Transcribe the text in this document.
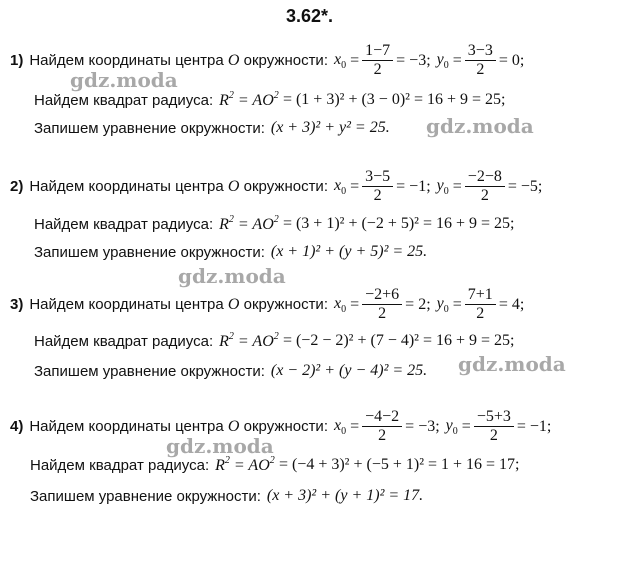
3.62*.
1) Найдем координаты центра
O
окружности: $x_0 = \frac{1-7}{2} = -3$; $y_0 = \frac{3-3}{2} = 0$;
Найдем квадрат радиуса: $R^2 = AO^2$
= (1 + 3)² + (3 − 0)² = 16 + 9 = 25;
Запишем уравнение окружности: (x + 3)² + y² = 25.
2) Найдем координаты центра
O
окружности: $x_0 = \frac{3-5}{2} = -1$; $y_0 = \frac{-2-8}{2} = -5$;
Найдем квадрат радиуса: $R^2 = AO^2$
= (3 + 1)² + (−2 + 5)² = 16 + 9 = 25;
Запишем уравнение окружности: (x + 1)² + (y + 5)² = 25.
3) Найдем координаты центра
O
окружности: $x_0 = \frac{-2+6}{2} = 2$; $y_0 = \frac{7+1}{2} = 4$;
Найдем квадрат радиуса: $R^2 = AO^2$
= (−2 − 2)² + (7 − 4)² = 16 + 9 = 25;
Запишем уравнение окружности: (x − 2)² + (y − 4)² = 25.
4) Найдем координаты центра
O
окружности: $x_0 = \frac{-4-2}{2} = -3$; $y_0 = \frac{-5+3}{2} = -1$;
Найдем квадрат радиуса: $R^2 = AO^2$
= (−4 + 3)² + (−5 + 1)² = 1 + 16 = 17;
Запишем уравнение окружности: (x + 3)² + (y + 1)² = 17.
gdz.moda
gdz.moda
gdz.moda
gdz.moda
gdz.moda
